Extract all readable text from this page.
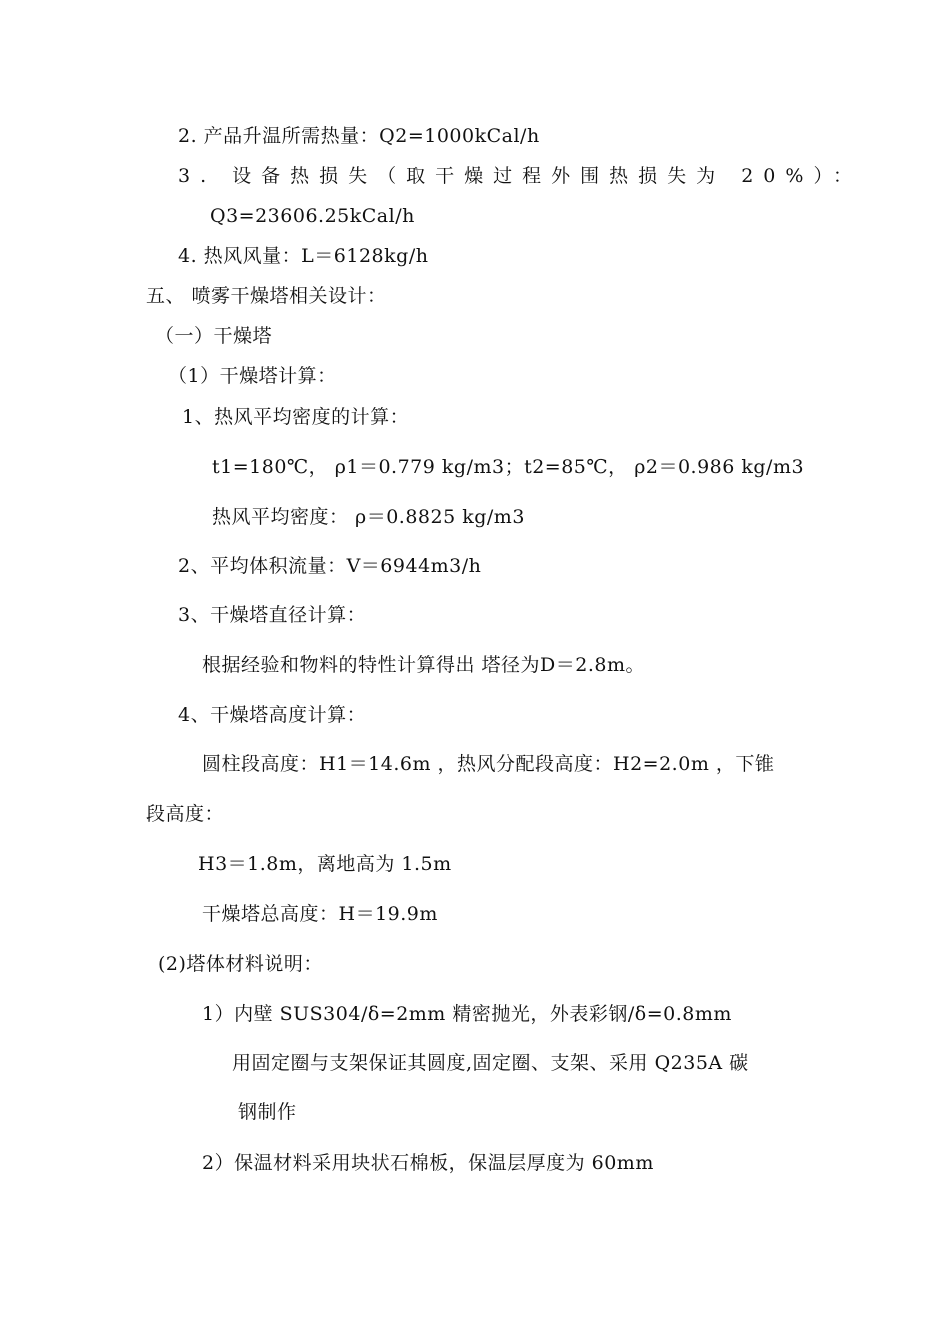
2. 产品升温所需热量：Q2=1000kCal/h
3. 设备热损失（取干燥过程外围热损失为 20%）：
Q3=23606.25kCal/h
4. 热风风量：L＝6128kg/h
五、 喷雾干燥塔相关设计：
（一）干燥塔
（1）干燥塔计算：
1、热风平均密度的计算：
t1=180℃， ρ1＝0.779 kg/m3；t2=85℃， ρ2＝0.986 kg/m3
热风平均密度： ρ＝0.8825 kg/m3
2、平均体积流量：V＝6944m3/h
3、干燥塔直径计算：
根据经验和物料的特性计算得出 塔径为D＝2.8m。
4、干燥塔高度计算：
圆柱段高度：H1＝14.6m ，热风分配段高度：H2=2.0m ，下锥
段高度：
H3＝1.8m，离地高为 1.5m
干燥塔总高度：H＝19.9m
(2)塔体材料说明：
1）内壁 SUS304/δ=2mm 精密抛光，外表彩钢/δ=0.8mm
用固定圈与支架保证其圆度,固定圈、支架、采用 Q235A 碳
钢制作
2）保温材料采用块状石棉板，保温层厚度为 60mm
